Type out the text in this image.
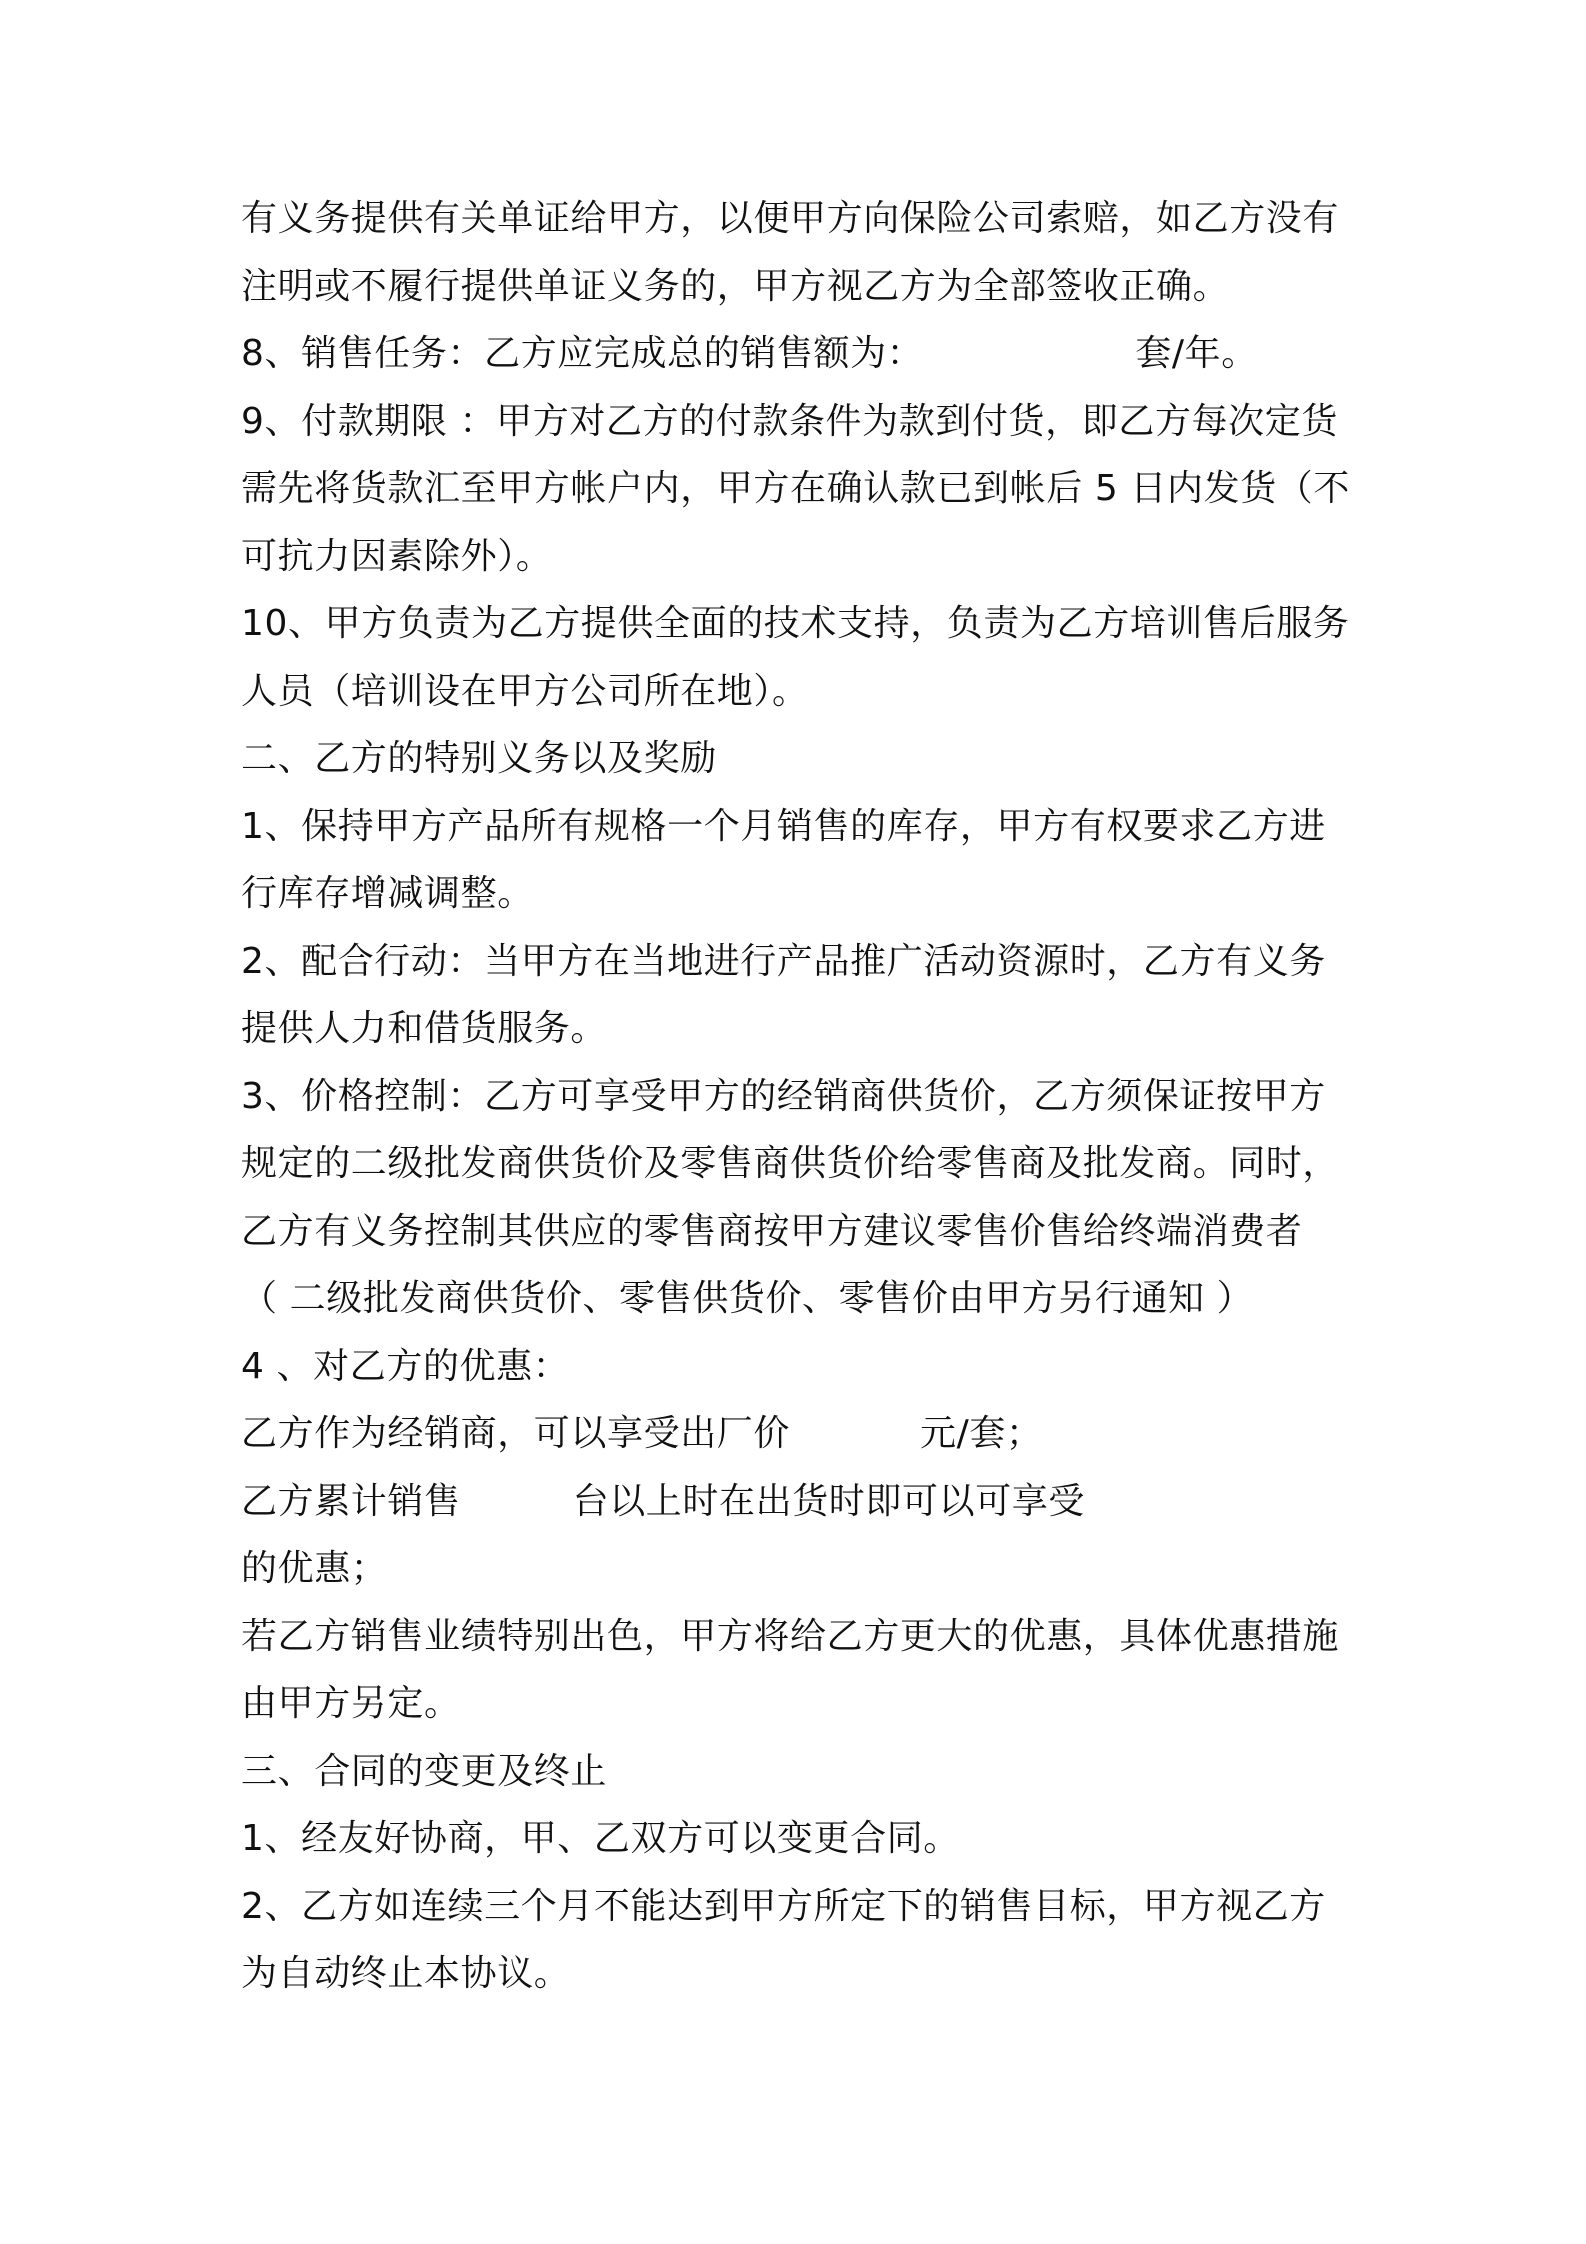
有义务提供有关单证给甲方，以便甲方向保险公司索赔，如乙方没有
注明或不履行提供单证义务的，甲方视乙方为全部签收正确。
8、销售任务：乙方应完成总的销售额为：	套/年。
9、付款期限 ：甲方对乙方的付款条件为款到付货，即乙方每次定货
需先将货款汇至甲方帐户内，甲方在确认款已到帐后 5 日内发货（不
可抗力因素除外）。
10、甲方负责为乙方提供全面的技术支持，负责为乙方培训售后服务
人员（培训设在甲方公司所在地）。
二、乙方的特别义务以及奖励
1、保持甲方产品所有规格一个月销售的库存，甲方有权要求乙方进
行库存增减调整。
2、配合行动：当甲方在当地进行产品推广活动资源时，乙方有义务
提供人力和借货服务。
3、价格控制：乙方可享受甲方的经销商供货价，乙方须保证按甲方
规定的二级批发商供货价及零售商供货价给零售商及批发商。同时，
乙方有义务控制其供应的零售商按甲方建议零售价售给终端消费者
（ 二级批发商供货价、零售供货价、零售价由甲方另行通知 ）
4 、对乙方的优惠：
乙方作为经销商，可以享受出厂价	元/套；
乙方累计销售	台以上时在出货时即可以可享受
的优惠；
若乙方销售业绩特别出色，甲方将给乙方更大的优惠，具体优惠措施
由甲方另定。
三、合同的变更及终止
1、经友好协商，甲、乙双方可以变更合同。
2、乙方如连续三个月不能达到甲方所定下的销售目标，甲方视乙方
为自动终止本协议。
